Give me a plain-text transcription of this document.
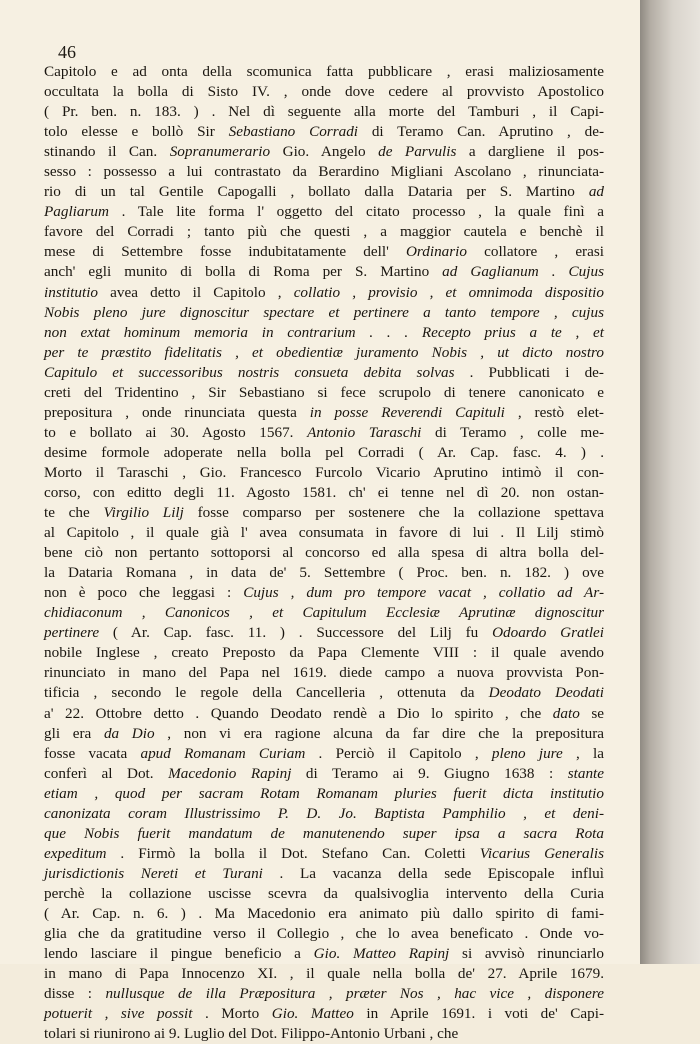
46
Capitolo e ad onta della scomunica fatta pubblicare , erasi maliziosamente
occultata la bolla di Sisto IV. , onde dove cedere al provvisto Apostolico
( Pr. ben. n. 183. ) . Nel dì seguente alla morte del Tamburi , il Capi-
tolo elesse e bollò Sir Sebastiano Corradi di Teramo Can. Aprutino , de-
stinando il Can. Sopranumerario Gio. Angelo de Parvulis a dargliene il pos-
sesso : possesso a lui contrastato da Berardino Migliani Ascolano , rinunciata-
rio di un tal Gentile Capogalli , bollato dalla Dataria per S. Martino ad
Pagliarum . Tale lite forma l' oggetto del citato processo , la quale finì a
favore del Corradi ; tanto più che questi , a maggior cautela e benchè il
mese di Settembre fosse indubitatamente dell' Ordinario collatore , erasi
anch' egli munito di bolla di Roma per S. Martino ad Gaglianum . Cujus
institutio avea detto il Capitolo , collatio , provisio , et omnimoda dispositio
Nobis pleno jure dignoscitur spectare et pertinere a tanto tempore , cujus
non extat hominum memoria in contrarium . . . Recepto prius a te , et
per te præstito fidelitatis , et obedientiæ juramento Nobis , ut dicto nostro
Capitulo et successoribus nostris consueta debita solvas . Pubblicati i de-
creti del Tridentino , Sir Sebastiano si fece scrupolo di tenere canonicato e
prepositura , onde rinunciata questa in posse Reverendi Capituli , restò elet-
to e bollato ai 30. Agosto 1567. Antonio Taraschi di Teramo , colle me-
desime formole adoperate nella bolla pel Corradi ( Ar. Cap. fasc. 4. ) .
Morto il Taraschi , Gio. Francesco Furcolo Vicario Aprutino intimò il con-
corso, con editto degli 11. Agosto 1581. ch' ei tenne nel dì 20. non ostan-
te che Virgilio Lilj fosse comparso per sostenere che la collazione spettava
al Capitolo , il quale già l' avea consumata in favore di lui . Il Lilj stimò
bene ciò non pertanto sottoporsi al concorso ed alla spesa di altra bolla del-
la Dataria Romana , in data de' 5. Settembre ( Proc. ben. n. 182. ) ove
non è poco che leggasi : Cujus , dum pro tempore vacat , collatio ad Ar-
chidiaconum , Canonicos , et Capitulum Ecclesiæ Aprutinæ dignoscitur
pertinere ( Ar. Cap. fasc. 11. ) . Successore del Lilj fu Odoardo Gratlei
nobile Inglese , creato Preposto da Papa Clemente VIII : il quale avendo
rinunciato in mano del Papa nel 1619. diede campo a nuova provvista Pon-
tificia , secondo le regole della Cancelleria , ottenuta da Deodato Deodati
a' 22. Ottobre detto . Quando Deodato rendè a Dio lo spirito , che dato se
gli era da Dio , non vi era ragione alcuna da far dire che la prepositura
fosse vacata apud Romanam Curiam . Perciò il Capitolo , pleno jure , la
conferì al Dot. Macedonio Rapinj di Teramo ai 9. Giugno 1638 : stante
etiam , quod per sacram Rotam Romanam pluries fuerit dicta institutio
canonizata coram Illustrissimo P. D. Jo. Baptista Pamphilio , et deni-
que Nobis fuerit mandatum de manutenendo super ipsa a sacra Rota
expeditum . Firmò la bolla il Dot. Stefano Can. Coletti Vicarius Generalis
jurisdictionis Nereti et Turani . La vacanza della sede Episcopale influì
perchè la collazione uscisse scevra da qualsivoglia intervento della Curia
( Ar. Cap. n. 6. ) . Ma Macedonio era animato più dallo spirito di fami-
glia che da gratitudine verso il Collegio , che lo avea beneficato . Onde vo-
lendo lasciare il pingue beneficio a Gio. Matteo Rapinj si avvisò rinunciarlo
in mano di Papa Innocenzo XI. , il quale nella bolla de' 27. Aprile 1679.
disse : nullusque de illa Præpositura , præter Nos , hac vice , disponere
potuerit , sive possit . Morto Gio. Matteo in Aprile 1691. i voti de' Capi-
tolari si riunirono ai 9. Luglio del Dot. Filippo-Antonio Urbani , che
